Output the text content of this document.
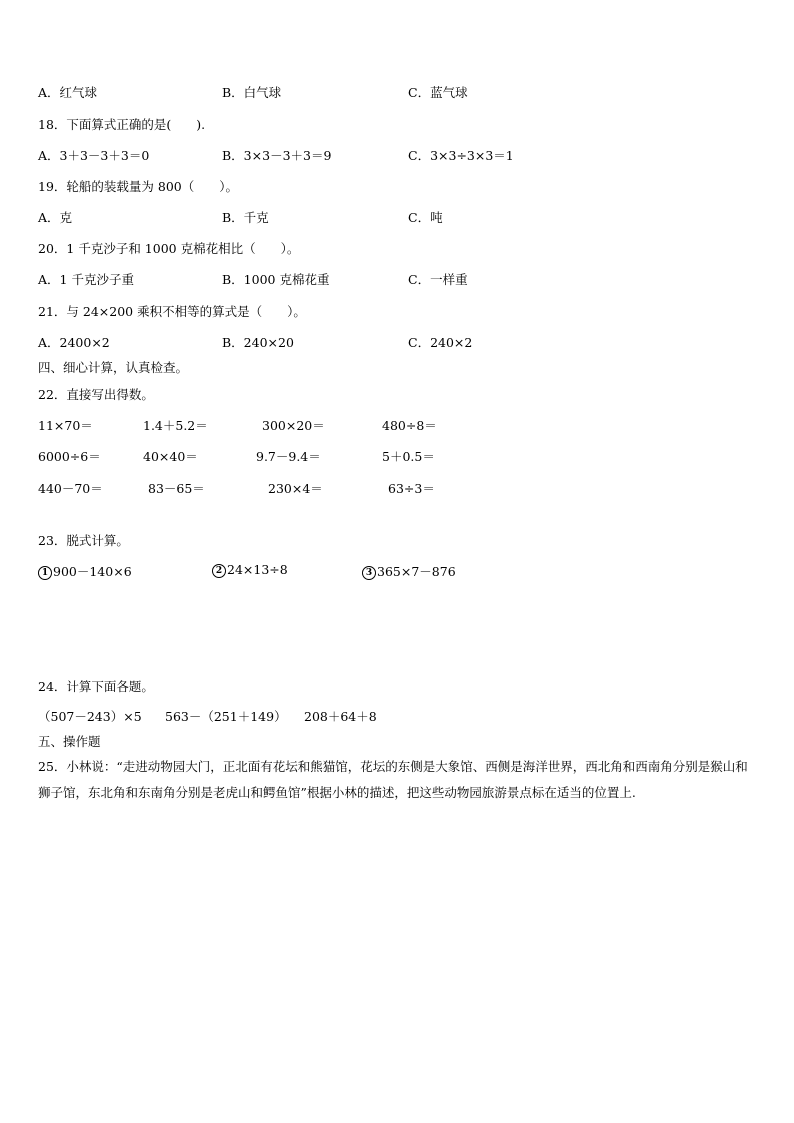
A．红气球	B．白气球	C．蓝气球
18．下面算式正确的是(　　).
A．3＋3－3＋3＝0	B．3×3－3＋3＝9	C．3×3÷3×3＝1
19．轮船的装载量为 800（　　）。
A．克	B．千克	C．吨
20．1 千克沙子和 1000 克棉花相比（　　）。
A．1 千克沙子重	B．1000 克棉花重	C．一样重
21．与 24×200 乘积不相等的算式是（　　）。
A．2400×2	B．240×20	C．240×2
四、细心计算，认真检查。
22．直接写出得数。
11×70＝	1.4＋5.2＝	300×20＝	480÷8＝
6000÷6＝	40×40＝	9.7－9.4＝	5＋0.5＝
440－70＝	83－65＝	230×4＝	63÷3＝
23．脱式计算。
1 900－140×6	2 24×13÷8	3 365×7－876
24．计算下面各题。
（507－243）×5 563－（251＋149） 208＋64＋8
五、操作题
25．小林说：“走进动物园大门，正北面有花坛和熊猫馆，花坛的东侧是大象馆、西侧是海洋世界，西北角和西南角分别是猴山和狮子馆，东北角和东南角分别是老虎山和鳄鱼馆”根据小林的描述，把这些动物园旅游景点标在适当的位置上.
